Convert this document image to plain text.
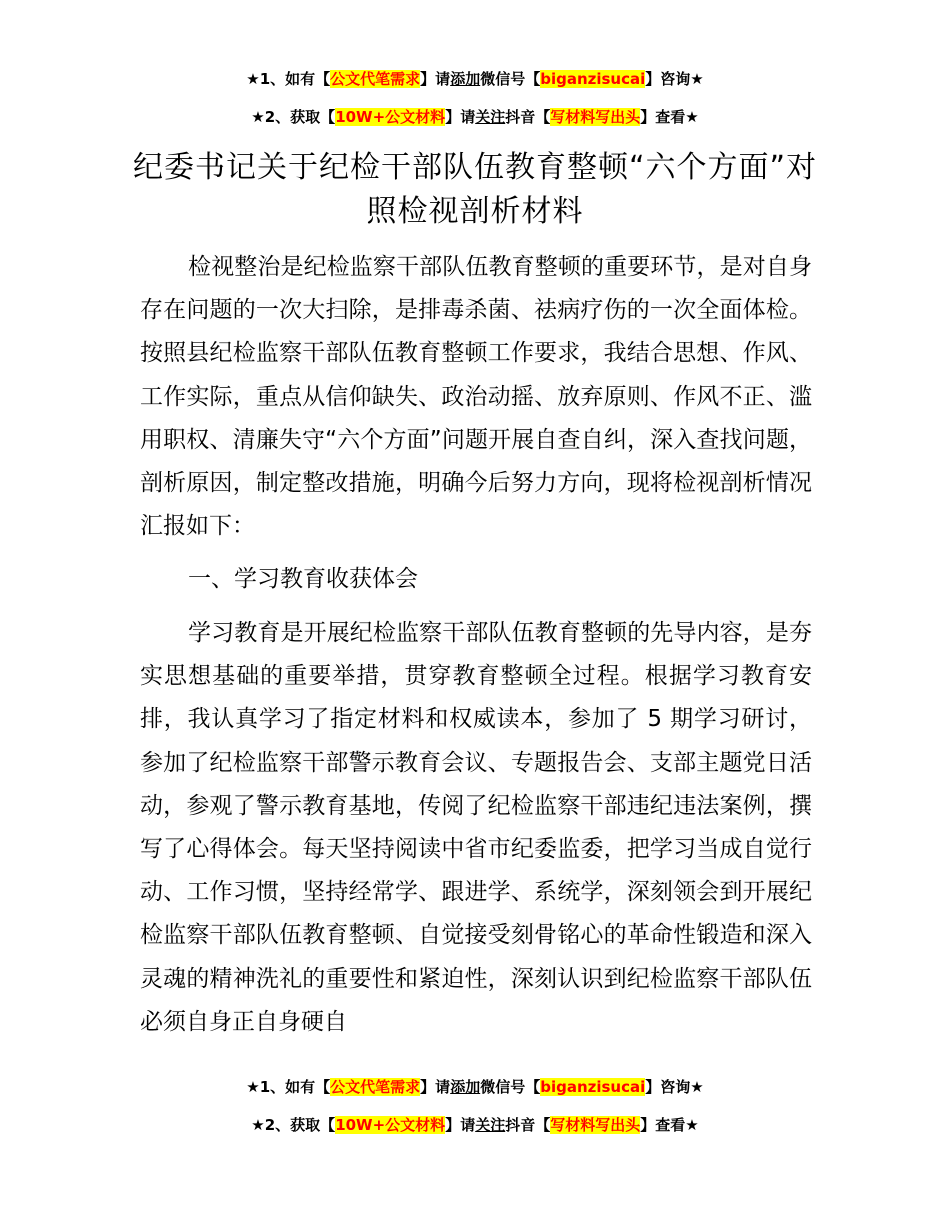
★1、如有【公文代笔需求】请添加微信号【biganzisucai】咨询★
★2、获取【10W+公文材料】请关注抖音【写材料写出头】查看★
纪委书记关于纪检干部队伍教育整顿“六个方面”对照检视剖析材料

检视整治是纪检监察干部队伍教育整顿的重要环节，是对自身存在问题的一次大扫除，是排毒杀菌、祛病疗伤的一次全面体检。按照县纪检监察干部队伍教育整顿工作要求，我结合思想、作风、工作实际，重点从信仰缺失、政治动摇、放弃原则、作风不正、滥用职权、清廉失守“六个方面”问题开展自查自纠，深入查找问题，剖析原因，制定整改措施，明确今后努力方向，现将检视剖析情况汇报如下：

一、学习教育收获体会

学习教育是开展纪检监察干部队伍教育整顿的先导内容，是夯实思想基础的重要举措，贯穿教育整顿全过程。根据学习教育安排，我认真学习了指定材料和权威读本，参加了 5 期学习研讨，参加了纪检监察干部警示教育会议、专题报告会、支部主题党日活动，参观了警示教育基地，传阅了纪检监察干部违纪违法案例，撰写了心得体会。每天坚持阅读中省市纪委监委，把学习当成自觉行动、工作习惯，坚持经常学、跟进学、系统学，深刻领会到开展纪检监察干部队伍教育整顿、自觉接受刻骨铭心的革命性锻造和深入灵魂的精神洗礼的重要性和紧迫性，深刻认识到纪检监察干部队伍必须自身正自身硬自

★1、如有【公文代笔需求】请添加微信号【biganzisucai】咨询★
★2、获取【10W+公文材料】请关注抖音【写材料写出头】查看★
